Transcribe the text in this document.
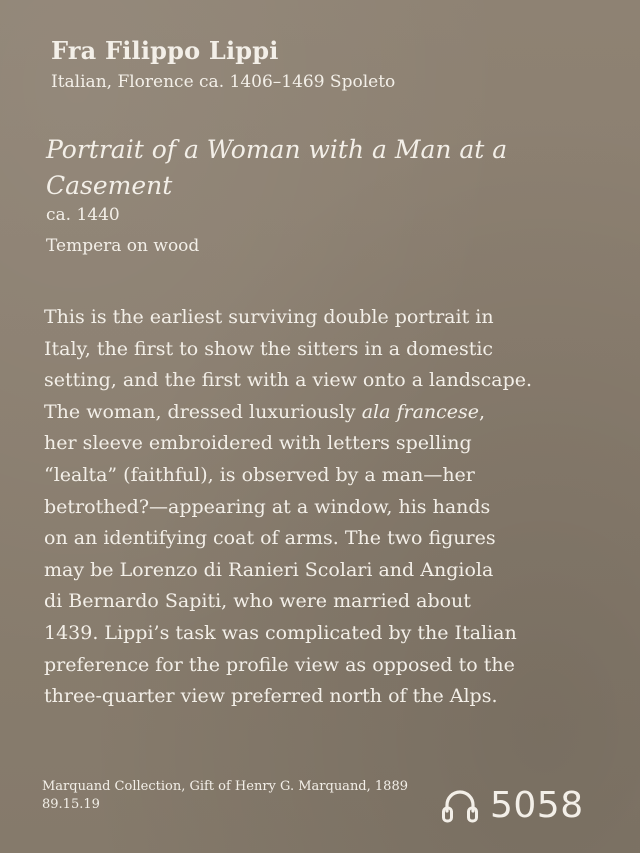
Fra Filippo Lippi
Italian, Florence ca. 1406–1469 Spoleto
Portrait of a Woman with a Man at a Casement
ca. 1440
Tempera on wood
This is the earliest surviving double portrait in
Italy, the first to show the sitters in a domestic
setting, and the first with a view onto a landscape.
The woman, dressed luxuriously ala francese,
her sleeve embroidered with letters spelling
“lealta” (faithful), is observed by a man—her
betrothed?—appearing at a window, his hands
on an identifying coat of arms. The two figures
may be Lorenzo di Ranieri Scolari and Angiola
di Bernardo Sapiti, who were married about
1439. Lippi’s task was complicated by the Italian
preference for the profile view as opposed to the
three-quarter view preferred north of the Alps.
Marquand Collection, Gift of Henry G. Marquand, 1889
89.15.19	5058
